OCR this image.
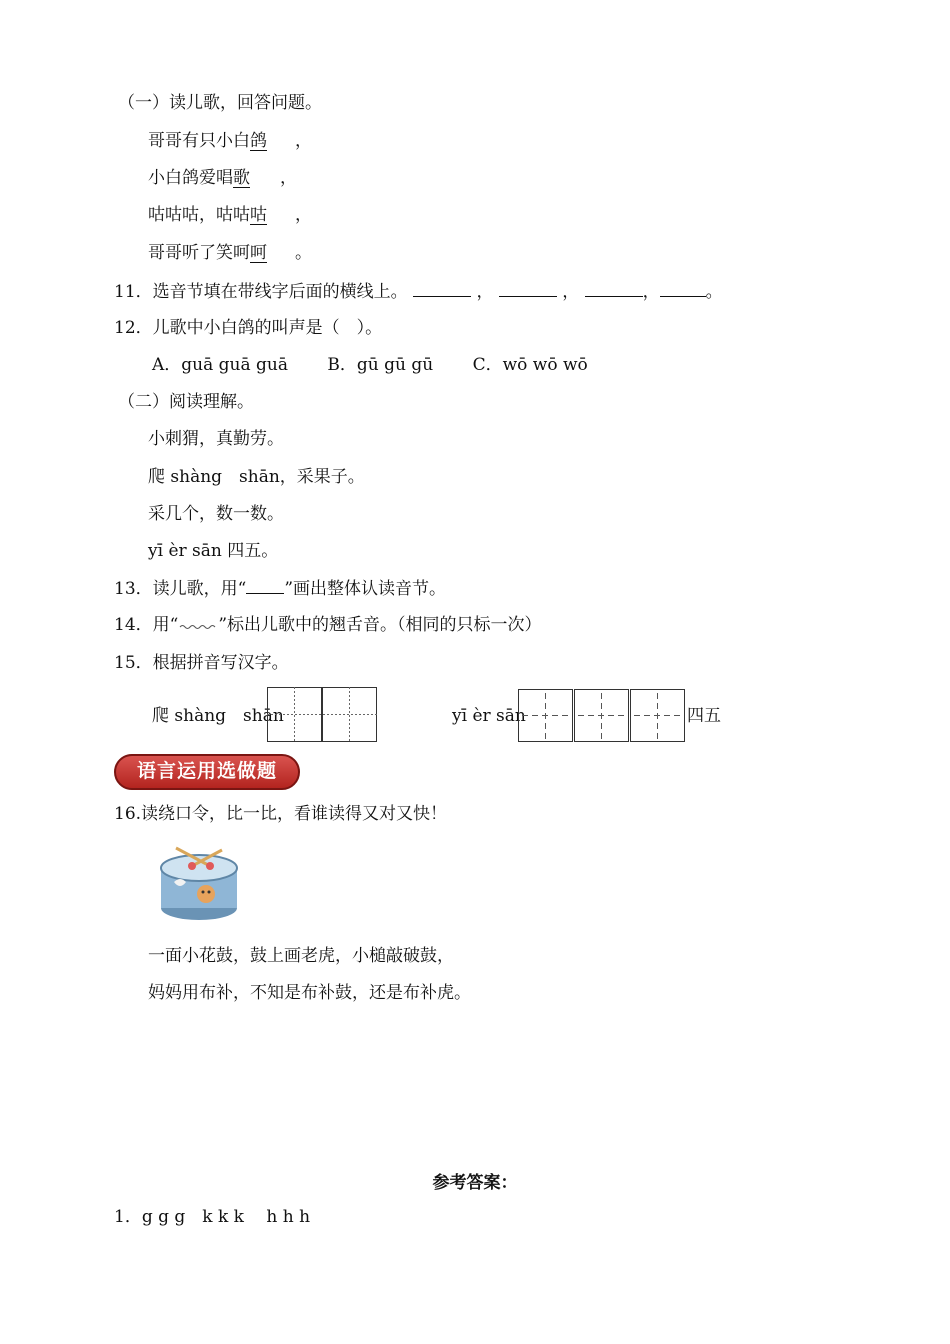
（一）读儿歌，回答问题。
哥哥有只小白鸽 ，
小白鸽爱唱歌 ，
咕咕咕，咕咕咕 ，
哥哥听了笑呵呵 。
11．选音节填在带线字后面的横线上。	，	，	，	。
12．儿歌中小白鸽的叫声是（　）。
A．guā guā guā B．gū gū gū C．wō wō wō
（二）阅读理解。
小刺猬，真勤劳。
爬 shàng　shān，采果子。
采几个，数一数。
yī èr sān 四五。
13．读儿歌，用“ ”画出整体认读音节。
14．用“ ”标出儿歌中的翘舌音。（相同的只标一次）
15．根据拼音写汉字。
爬 shàng　shān	yī èr sān	四五
语言运用选做题
16.读绕口令，比一比，看谁读得又对又快！
一面小花鼓，鼓上画老虎，小槌敲破鼓，
妈妈用布补，不知是布补鼓，还是布补虎。
参考答案：
1．g g g　k k k　 h h h
